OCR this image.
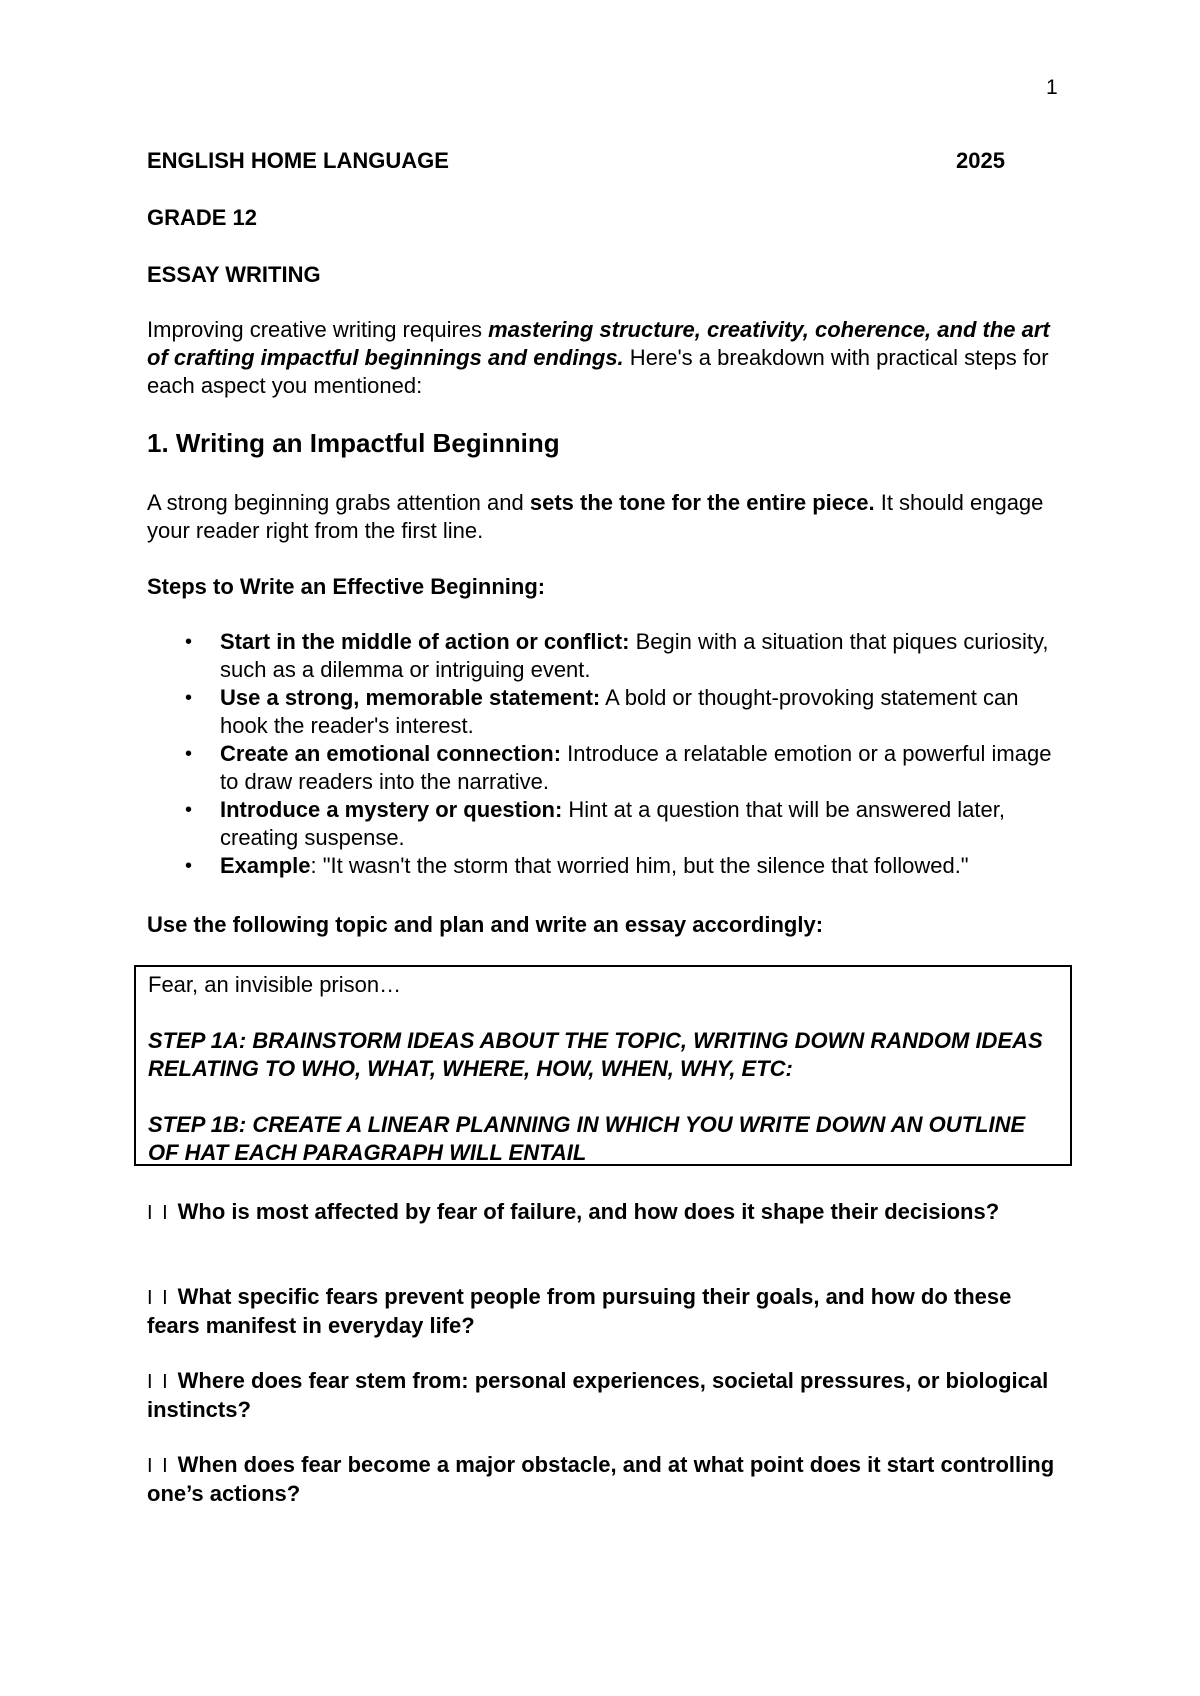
1
ENGLISH HOME LANGUAGE	2025
GRADE 12
ESSAY WRITING
Improving creative writing requires mastering structure, creativity, coherence, and the art of crafting impactful beginnings and endings. Here's a breakdown with practical steps for each aspect you mentioned:
1. Writing an Impactful Beginning
A strong beginning grabs attention and sets the tone for the entire piece. It should engage your reader right from the first line.
Steps to Write an Effective Beginning:
• Start in the middle of action or conflict: Begin with a situation that piques curiosity, such as a dilemma or intriguing event.
• Use a strong, memorable statement: A bold or thought-provoking statement can hook the reader's interest.
• Create an emotional connection: Introduce a relatable emotion or a powerful image to draw readers into the narrative.
• Introduce a mystery or question: Hint at a question that will be answered later, creating suspense.
• Example: "It wasn't the storm that worried him, but the silence that followed."
Use the following topic and plan and write an essay accordingly:
Fear, an invisible prison…
STEP 1A: BRAINSTORM IDEAS ABOUT THE TOPIC, WRITING DOWN RANDOM IDEAS RELATING TO WHO, WHAT, WHERE, HOW, WHEN, WHY, ETC:
STEP 1B: CREATE A LINEAR PLANNING IN WHICH YOU WRITE DOWN AN OUTLINE OF HAT EACH PARAGRAPH WILL ENTAIL
I I Who is most affected by fear of failure, and how does it shape their decisions?
I I What specific fears prevent people from pursuing their goals, and how do these fears manifest in everyday life?
I I Where does fear stem from: personal experiences, societal pressures, or biological instincts?
I I When does fear become a major obstacle, and at what point does it start controlling one’s actions?
